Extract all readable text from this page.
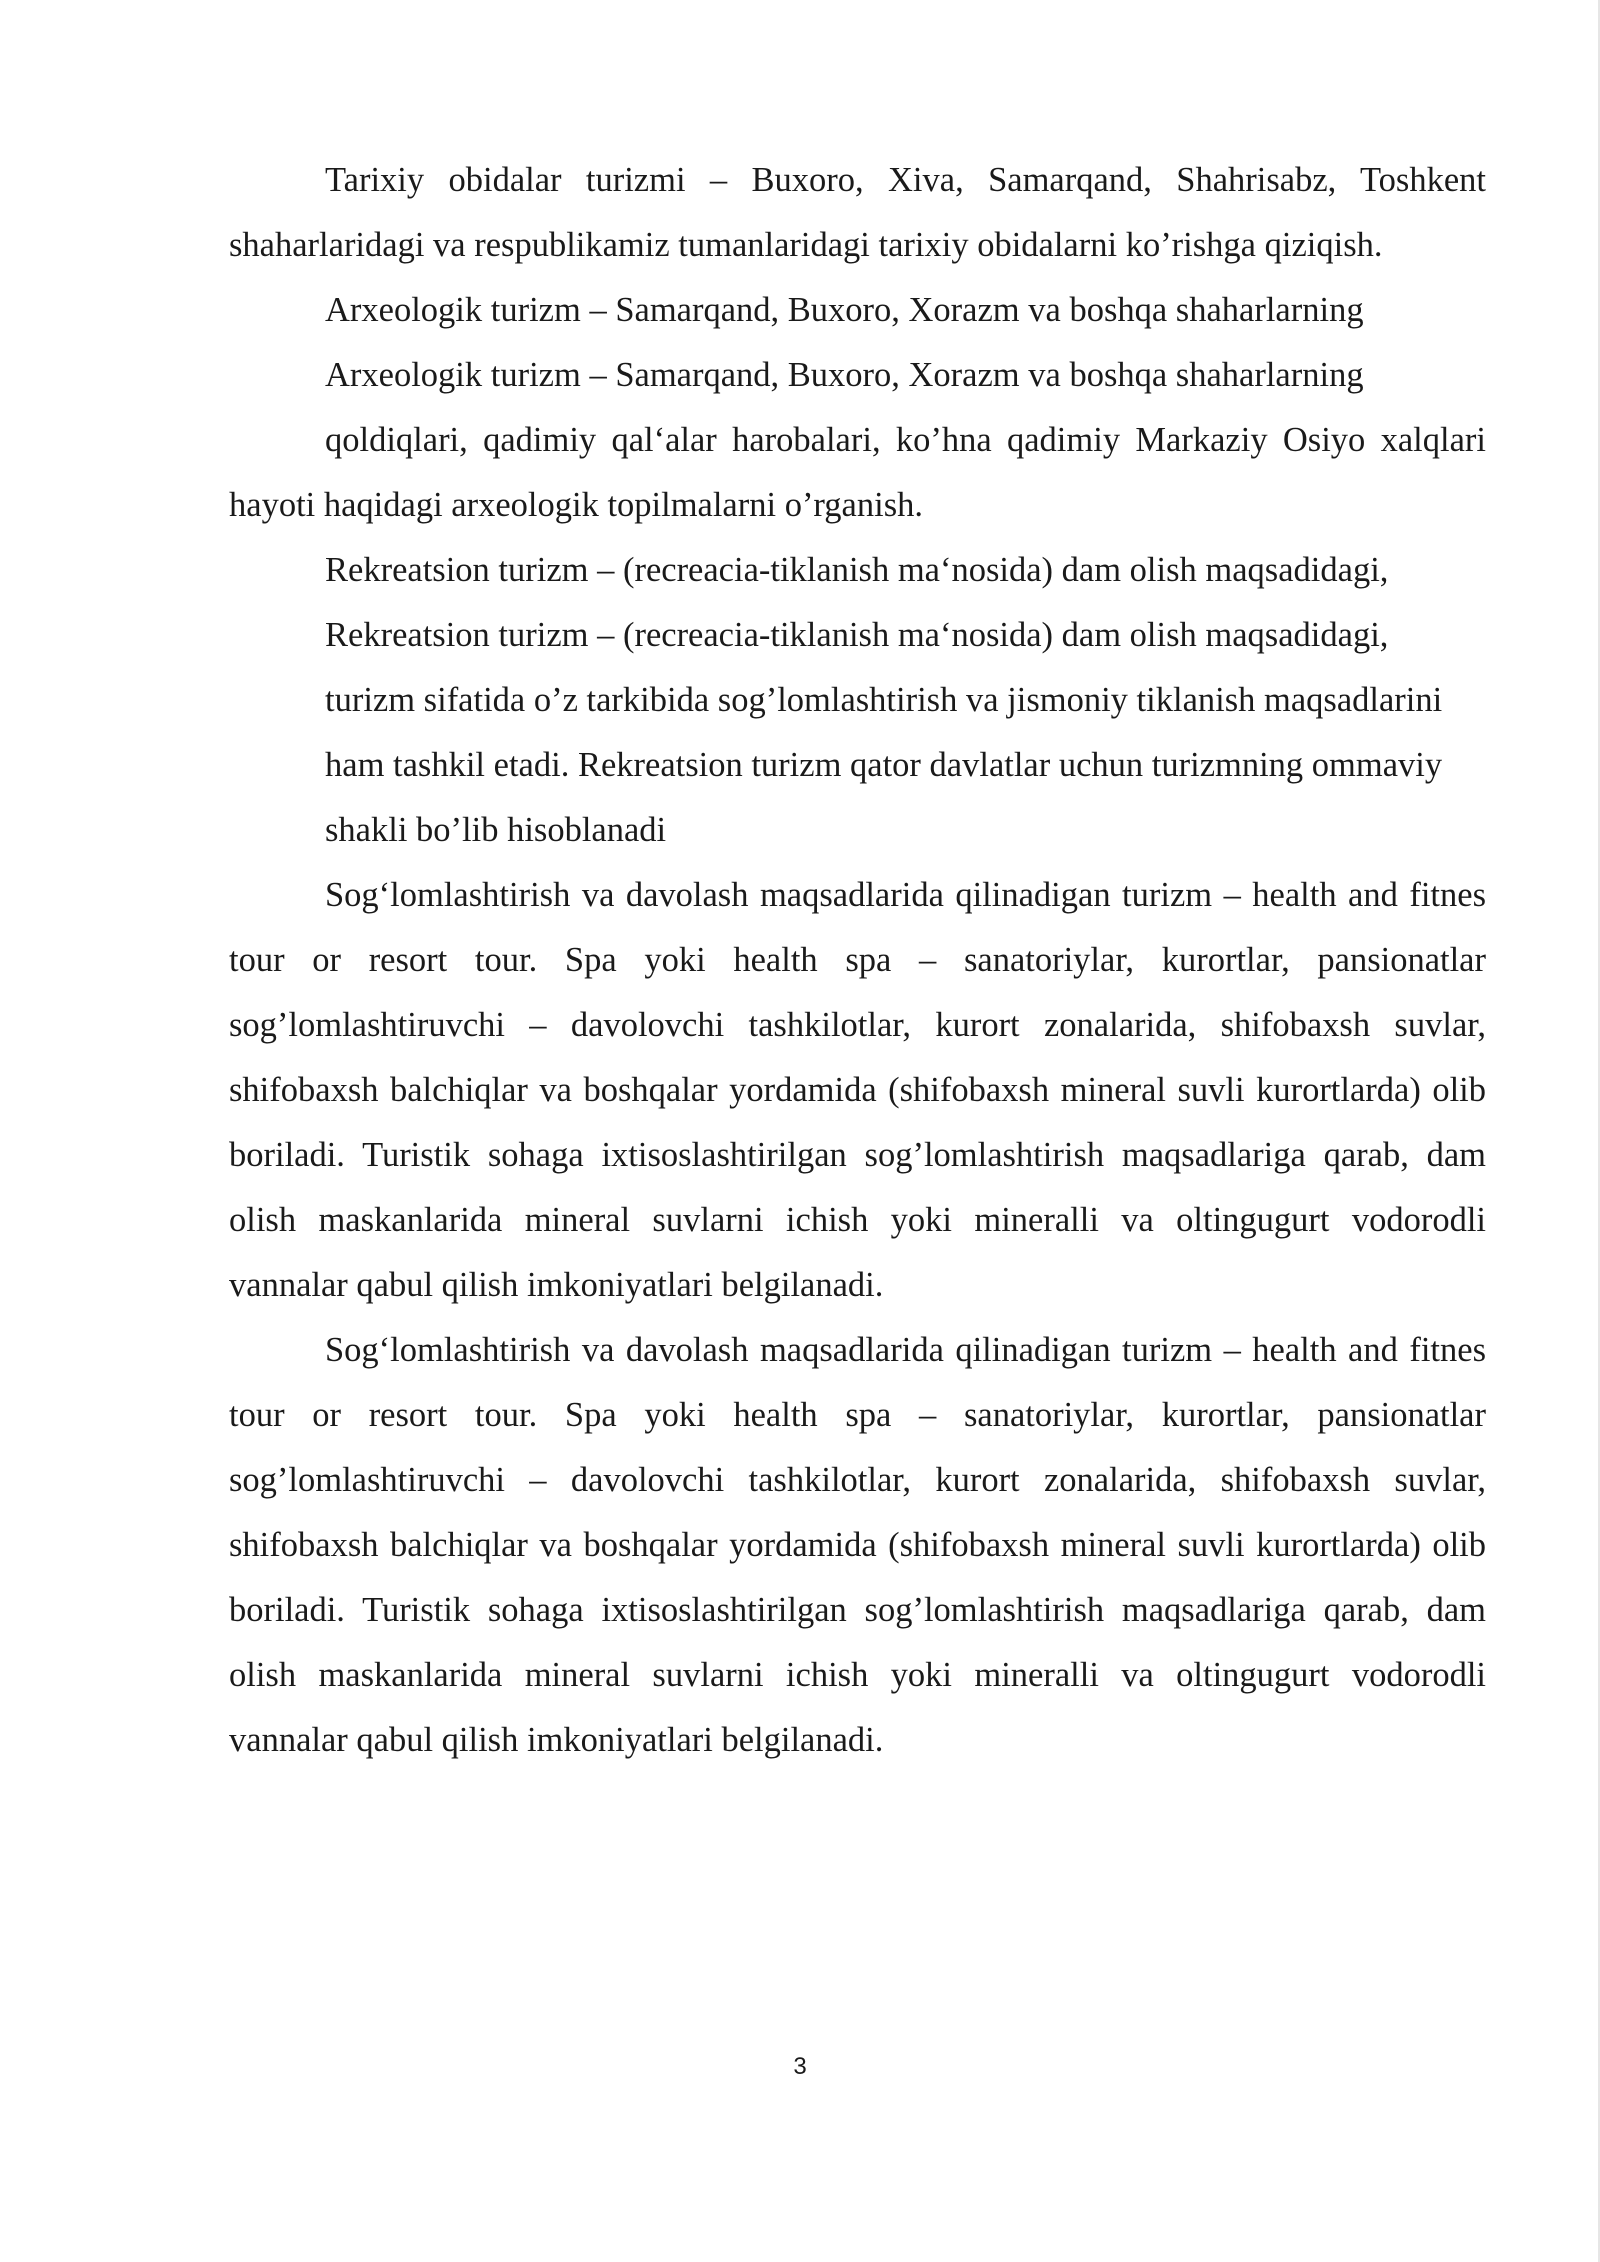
Tarixiy obidalar turizmi – Buxoro, Xiva, Samarqand, Shahrisabz, Toshkent shaharlaridagi va respublikamiz tumanlaridagi tarixiy obidalarni ko’rishga qiziqish.

Arxeologik turizm – Samarqand, Buxoro, Xorazm va boshqa shaharlarning

Arxeologik turizm – Samarqand, Buxoro, Xorazm va boshqa shaharlarning

qoldiqlari, qadimiy qal‘alar harobalari, ko’hna qadimiy Markaziy Osiyo xalqlari hayoti haqidagi arxeologik topilmalarni o’rganish.

Rekreatsion turizm – (recreacia-tiklanish ma‘nosida) dam olish maqsadidagi,

Rekreatsion turizm – (recreacia-tiklanish ma‘nosida) dam olish maqsadidagi,

turizm sifatida o’z tarkibida sog’lomlashtirish va jismoniy tiklanish maqsadlarini

ham tashkil etadi. Rekreatsion turizm qator davlatlar uchun turizmning ommaviy

shakli bo’lib hisoblanadi

Sog‘lomlashtirish va davolash maqsadlarida qilinadigan turizm – health and fitnes tour or resort tour. Spa yoki health spa – sanatoriylar, kurortlar, pansionatlar sog’lomlashtiruvchi – davolovchi tashkilotlar, kurort zonalarida, shifobaxsh suvlar, shifobaxsh balchiqlar va boshqalar yordamida (shifobaxsh mineral suvli kurortlarda) olib boriladi. Turistik sohaga ixtisoslashtirilgan sog’lomlashtirish maqsadlariga qarab, dam olish maskanlarida mineral suvlarni ichish yoki mineralli va oltingugurt vodorodli vannalar qabul qilish imkoniyatlari belgilanadi.

Sog‘lomlashtirish va davolash maqsadlarida qilinadigan turizm – health and fitnes tour or resort tour. Spa yoki health spa – sanatoriylar, kurortlar, pansionatlar sog’lomlashtiruvchi – davolovchi tashkilotlar, kurort zonalarida, shifobaxsh suvlar, shifobaxsh balchiqlar va boshqalar yordamida (shifobaxsh mineral suvli kurortlarda) olib boriladi. Turistik sohaga ixtisoslashtirilgan sog’lomlashtirish maqsadlariga qarab, dam olish maskanlarida mineral suvlarni ichish yoki mineralli va oltingugurt vodorodli vannalar qabul qilish imkoniyatlari belgilanadi.

3
